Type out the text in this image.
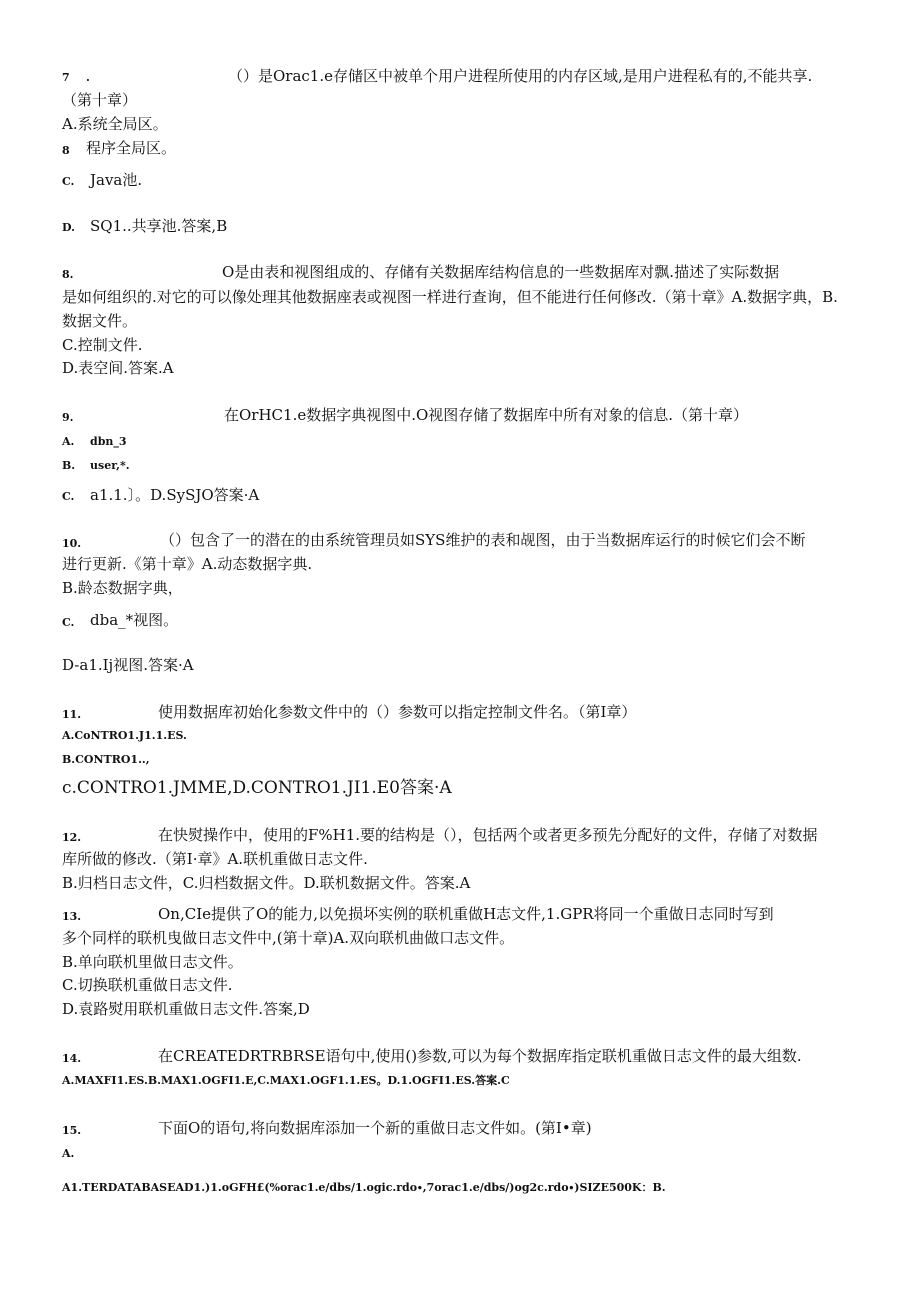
7 .	（）是Orac1.e存储区中被单个用户进程所使用的内存区域,是用户进程私有的,不能共享.
（第十章）
A.系统全局区。
8 程序全局区。
C. Java池.
D. SQ1..共享池.答案,B
8.	O是由表和视图组成的、存储有关数据库结构信息的一些数据库对飘.描述了实际数据
是如何组织的.对它的可以像处理其他数据座表或视图一样进行查询，但不能进行任何修改.（第十章》A.数据字典，B.
数据文件。
C.控制文件.
D.表空间.答案.A
9.	在OrHC1.e数据字典视图中.O视图存储了数据库中所有对象的信息.（第十章）
A. dbn_3
B. user,*.
C. a1.1.〕。D.SySJO答案·A
10.	（）包含了一的潜在的由系统管理员如SYS维护的表和觇图，由于当数据库运行的时候它们会不断
进行更新.《第十章》A.动态数据字典.
B.龄态数据字典，
C. dba_*视图。
D-a1.Ij视图.答案·A
11.	使用数据库初始化参数文件中的（）参数可以指定控制文件名。（第I章）
A.CoNTRO1.J1.1.ES.
B.CONTRO1..,
c.CONTRO1.JMME,D.CONTRO1.JI1.E0答案·A
12.	在快熨操作中，使用的F%H1.要的结构是（），包括两个或者更多预先分配好的文件，存储了对数据
库所做的修改.（第I·章》A.联机重做日志文件.
B.归档日志文件，C.归档数据文件。D.联机数据文件。答案.A
13.	On,CIe提供了O的能力,以免损坏实例的联机重做H志文件,1.GPR将同一个重做日志同时写到
多个同样的联机曳做日志文件中,(第十章)A.双向联机曲做口志文件。
B.单向联机里做日志文件。
C.切换联机重做日志文件.
D.袁路熨用联机重做日志文件.答案,D
14.	在CREATEDRTRBRSE语句中,使用()参数,可以为每个数据库指定联机重做日志文件的最大组数.
A.MAXFI1.ES.B.MAX1.OGFI1.E,C.MAX1.OGF1.1.ES。D.1.OGFI1.ES.答案.C
15.	下面O的语句,将向数据库添加一个新的重做日志文件如。(第I•章)
A.
A1.TERDATABASEAD1.)1.oGFH£(%orac1.e/dbs/1.ogic.rdo∙,7orac1.e/dbs/)og2c.rdo∙)SIZE500K：B.
